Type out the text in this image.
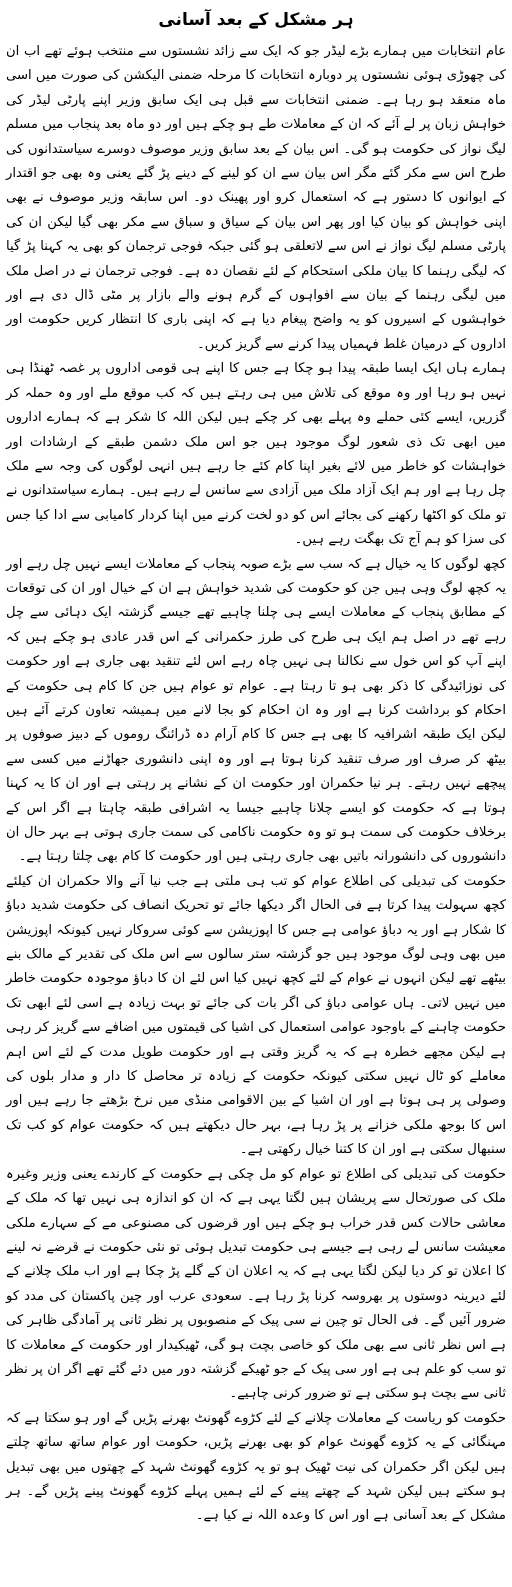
ہر مشکل کے بعد آسانی

عام انتخابات میں ہمارے بڑے لیڈر جو کہ ایک سے زائد نشستوں سے منتخب ہوئے تھے اب ان کی چھوڑی ہوئی نشستوں پر دوبارہ انتخابات کا مرحلہ ضمنی الیکشن کی صورت میں اسی ماہ منعقد ہو رہا ہے۔ ضمنی انتخابات سے قبل ہی ایک سابق وزیر اپنے پارٹی لیڈر کی خواہش زبان پر لے آئے کہ ان کے معاملات طے ہو چکے ہیں اور دو ماہ بعد پنجاب میں مسلم لیگ نواز کی حکومت ہو گی۔ اس بیان کے بعد سابق وزیر موصوف دوسرے سیاستدانوں کی طرح اس سے مکر گئے مگر اس بیان سے ان کو لینے کے دینے پڑ گئے یعنی وہ بھی جو اقتدار کے ایوانوں کا دستور ہے کہ استعمال کرو اور پھینک دو۔ اس سابقہ وزیر موصوف نے بھی اپنی خواہش کو بیان کیا اور پھر اس بیان کے سیاق و سباق سے مکر بھی گیا لیکن ان کی پارٹی مسلم لیگ نواز نے اس سے لاتعلقی ہو گئی جبکہ فوجی ترجمان کو بھی یہ کہنا پڑ گیا کہ لیگی رہنما کا بیان ملکی استحکام کے لئے نقصان دہ ہے۔ فوجی ترجمان نے در اصل ملک میں لیگی رہنما کے بیان سے افواہوں کے گرم ہونے والے بازار پر مٹی ڈال دی ہے اور خواہشوں کے اسیروں کو یہ واضح پیغام دیا ہے کہ اپنی باری کا انتظار کریں حکومت اور اداروں کے درمیان غلط فہمیاں پیدا کرنے سے گریز کریں۔

ہمارے ہاں ایک ایسا طبقہ پیدا ہو چکا ہے جس کا اپنے ہی قومی اداروں پر غصہ ٹھنڈا ہی نہیں ہو رہا اور وہ موقع کی تلاش میں ہی رہتے ہیں کہ کب موقع ملے اور وہ حملہ کر گزریں، ایسے کئی حملے وہ پہلے بھی کر چکے ہیں لیکن اللہ کا شکر ہے کہ ہمارے اداروں میں ابھی تک ذی شعور لوگ موجود ہیں جو اس ملک دشمن طبقے کے ارشادات اور خواہشات کو خاطر میں لائے بغیر اپنا کام کئے جا رہے ہیں انہی لوگوں کی وجہ سے ملک چل رہا ہے اور ہم ایک آزاد ملک میں آزادی سے سانس لے رہے ہیں۔ ہمارے سیاستدانوں نے تو ملک کو اکٹھا رکھنے کی بجائے اس کو دو لخت کرنے میں اپنا کردار کامیابی سے ادا کیا جس کی سزا کو ہم آج تک بھگت رہے ہیں۔

کچھ لوگوں کا یہ خیال ہے کہ سب سے بڑے صوبہ پنجاب کے معاملات ایسے نہیں چل رہے اور یہ کچھ لوگ وہی ہیں جن کو حکومت کی شدید خواہش ہے ان کے خیال اور ان کی توقعات کے مطابق پنجاب کے معاملات ایسے ہی چلنا چاہیے تھے جیسے گزشتہ ایک دہائی سے چل رہے تھے در اصل ہم ایک ہی طرح کی طرز حکمرانی کے اس قدر عادی ہو چکے ہیں کہ اپنے آپ کو اس خول سے نکالنا ہی نہیں چاہ رہے اس لئے تنقید بھی جاری ہے اور حکومت کی نوزائیدگی کا ذکر بھی ہو تا رہتا ہے۔ عوام تو عوام ہیں جن کا کام ہی حکومت کے احکام کو برداشت کرنا ہے اور وہ ان احکام کو بجا لانے میں ہمیشہ تعاون کرتے آئے ہیں لیکن ایک طبقہ اشرافیہ کا بھی ہے جس کا کام آرام دہ ڈرائنگ روموں کے دبیز صوفوں پر بیٹھ کر صرف اور صرف تنقید کرنا ہوتا ہے اور وہ اپنی دانشوری جھاڑنے میں کسی سے پیچھے نہیں رہتے۔ ہر نیا حکمران اور حکومت ان کے نشانے پر رہتی ہے اور ان کا یہ کہنا ہوتا ہے کہ حکومت کو ایسے چلانا چاہیے جیسا یہ اشرافی طبقہ چاہتا ہے اگر اس کے برخلاف حکومت کی سمت ہو تو وہ حکومت ناکامی کی سمت جاری ہوتی ہے بہر حال ان دانشوروں کی دانشورانہ باتیں بھی جاری رہتی ہیں اور حکومت کا کام بھی چلتا رہتا ہے۔

حکومت کی تبدیلی کی اطلاع عوام کو تب ہی ملتی ہے جب نیا آنے والا حکمران ان کیلئے کچھ سہولت پیدا کرتا ہے فی الحال اگر دیکھا جائے تو تحریک انصاف کی حکومت شدید دباؤ کا شکار ہے اور یہ دباؤ عوامی ہے جس کا اپوزیشن سے کوئی سروکار نہیں کیونکہ اپوزیشن میں بھی وہی لوگ موجود ہیں جو گزشتہ ستر سالوں سے اس ملک کی تقدیر کے مالک بنے بیٹھے تھے لیکن انہوں نے عوام کے لئے کچھ نہیں کیا اس لئے ان کا دباؤ موجودہ حکومت خاطر میں نہیں لاتی۔ ہاں عوامی دباؤ کی اگر بات کی جائے تو بہت زیادہ ہے اسی لئے ابھی تک حکومت چاہنے کے باوجود عوامی استعمال کی اشیا کی قیمتوں میں اضافے سے گریز کر رہی ہے لیکن مجھے خطرہ ہے کہ یہ گریز وقتی ہے اور حکومت طویل مدت کے لئے اس اہم معاملے کو ٹال نہیں سکتی کیونکہ حکومت کے زیادہ تر محاصل کا دار و مدار بلوں کی وصولی پر ہی ہوتا ہے اور ان اشیا کے بین الاقوامی منڈی میں نرخ بڑھتے جا رہے ہیں اور اس کا بوجھ ملکی خزانے پر پڑ رہا ہے، بہر حال دیکھتے ہیں کہ حکومت عوام کو کب تک سنبھال سکتی ہے اور ان کا کتنا خیال رکھتی ہے۔

حکومت کی تبدیلی کی اطلاع تو عوام کو مل چکی ہے حکومت کے کارندے یعنی وزیر وغیرہ ملک کی صورتحال سے پریشان ہیں لگتا یہی ہے کہ ان کو اندازہ ہی نہیں تھا کہ ملک کے معاشی حالات کس قدر خراب ہو چکے ہیں اور قرضوں کی مصنوعی مے کے سہارے ملکی معیشت سانس لے رہی ہے جیسے ہی حکومت تبدیل ہوئی تو نئی حکومت نے قرضے نہ لینے کا اعلان تو کر دیا لیکن لگتا یہی ہے کہ یہ اعلان ان کے گلے پڑ چکا ہے اور اب ملک چلانے کے لئے دیرینہ دوستوں پر بھروسہ کرنا پڑ رہا ہے۔ سعودی عرب اور چین پاکستان کی مدد کو ضرور آئیں گے۔ فی الحال تو چین نے سی پیک کے منصوبوں پر نظر ثانی پر آمادگی ظاہر کی ہے اس نظر ثانی سے بھی ملک کو خاصی بچت ہو گی، ٹھیکیدار اور حکومت کے معاملات کا تو سب کو علم ہی ہے اور سی پیک کے جو ٹھیکے گزشتہ دور میں دئے گئے تھے اگر ان پر نظر ثانی سے بچت ہو سکتی ہے تو ضرور کرنی چاہیے۔

حکومت کو ریاست کے معاملات چلانے کے لئے کڑوے گھونٹ بھرنے پڑیں گے اور ہو سکتا ہے کہ مہنگائی کے یہ کڑوے گھونٹ عوام کو بھی بھرنے پڑیں، حکومت اور عوام ساتھ ساتھ چلتے ہیں لیکن اگر حکمران کی نیت ٹھیک ہو تو یہ کڑوے گھونٹ شہد کے چھتوں میں بھی تبدیل ہو سکتے ہیں لیکن شہد کے چھتے پینے کے لئے ہمیں پہلے کڑوے گھونٹ پینے پڑیں گے۔ ہر مشکل کے بعد آسانی ہے اور اس کا وعدہ اللہ نے کیا ہے۔
